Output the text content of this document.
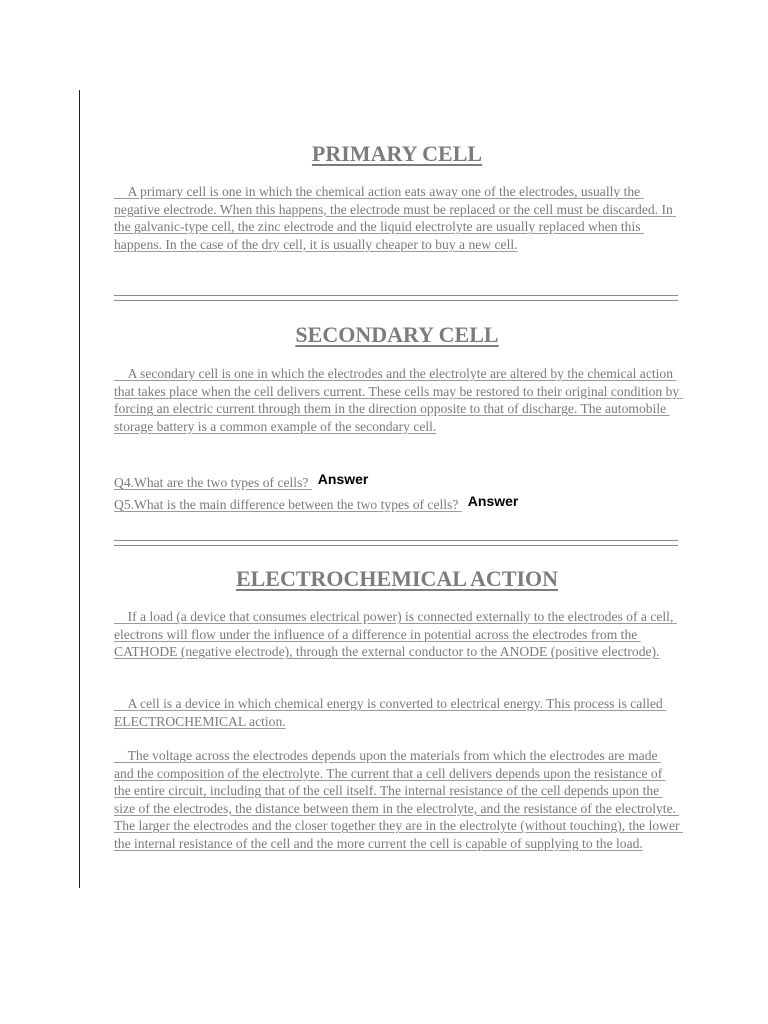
PRIMARY CELL

A primary cell is one in which the chemical action eats away one of the electrodes, usually the negative electrode. When this happens, the electrode must be replaced or the cell must be discarded. In the galvanic-type cell, the zinc electrode and the liquid electrolyte are usually replaced when this happens. In the case of the dry cell, it is usually cheaper to buy a new cell.

SECONDARY CELL

A secondary cell is one in which the electrodes and the electrolyte are altered by the chemical action that takes place when the cell delivers current. These cells may be restored to their original condition by forcing an electric current through them in the direction opposite to that of discharge. The automobile storage battery is a common example of the secondary cell.

Q4.What are the two types of cells? Answer
Q5.What is the main difference between the two types of cells? Answer
ELECTROCHEMICAL ACTION

If a load (a device that consumes electrical power) is connected externally to the electrodes of a cell, electrons will flow under the influence of a difference in potential across the electrodes from the CATHODE (negative electrode), through the external conductor to the ANODE (positive electrode).

A cell is a device in which chemical energy is converted to electrical energy. This process is called ELECTROCHEMICAL action.

The voltage across the electrodes depends upon the materials from which the electrodes are made and the composition of the electrolyte. The current that a cell delivers depends upon the resistance of the entire circuit, including that of the cell itself. The internal resistance of the cell depends upon the size of the electrodes, the distance between them in the electrolyte, and the resistance of the electrolyte. The larger the electrodes and the closer together they are in the electrolyte (without touching), the lower the internal resistance of the cell and the more current the cell is capable of supplying to the load.
